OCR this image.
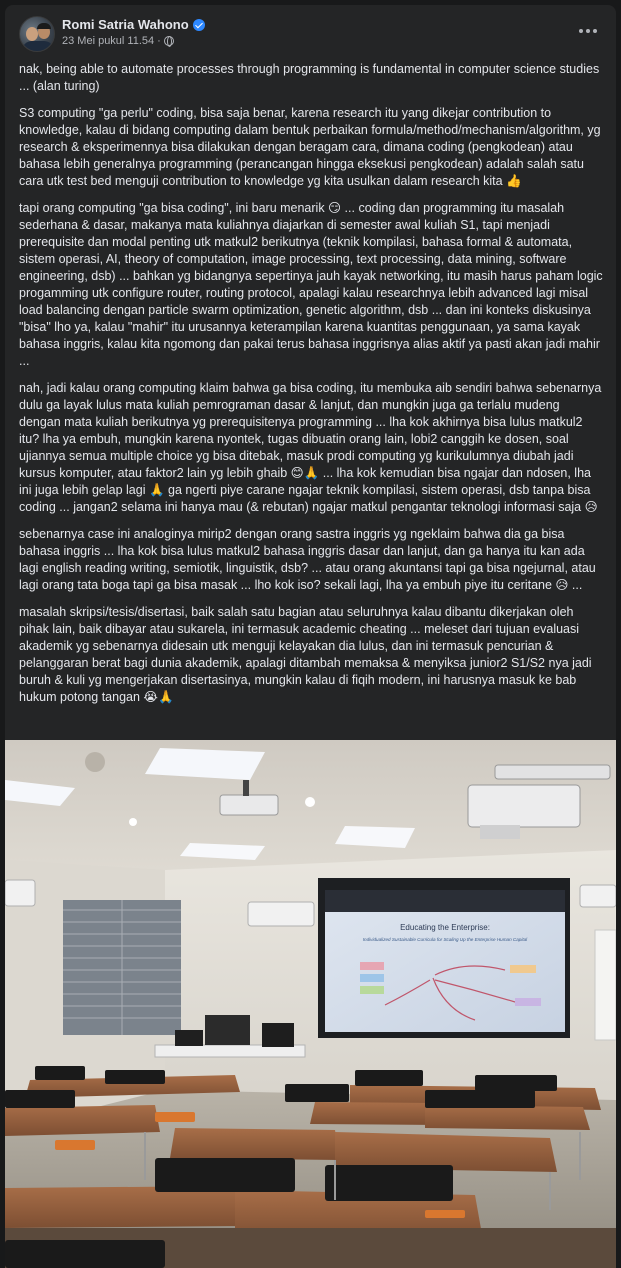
Romi Satria Wahono
23 Mei pukul 11.54 ·

nak, being able to automate processes through programming is fundamental in computer science studies ... (alan turing)

S3 computing "ga perlu" coding, bisa saja benar, karena research itu yang dikejar contribution to knowledge, kalau di bidang computing dalam bentuk perbaikan formula/method/mechanism/algorithm, yg research & eksperimennya bisa dilakukan dengan beragam cara, dimana coding (pengkodean) atau bahasa lebih generalnya programming (perancangan hingga eksekusi pengkodean) adalah salah satu cara utk test bed menguji contribution to knowledge yg kita usulkan dalam research kita 👍

tapi orang computing "ga bisa coding", ini baru menarik 😏 ... coding dan programming itu masalah sederhana & dasar, makanya mata kuliahnya diajarkan di semester awal kuliah S1, tapi menjadi prerequisite dan modal penting utk matkul2 berikutnya (teknik kompilasi, bahasa formal & automata, sistem operasi, AI, theory of computation, image processing, text processing, data mining, software engineering, dsb) ... bahkan yg bidangnya sepertinya jauh kayak networking, itu masih harus paham logic progamming utk configure router, routing protocol, apalagi kalau researchnya lebih advanced lagi misal load balancing dengan particle swarm optimization, genetic algorithm, dsb ... dan ini konteks diskusinya "bisa" lho ya, kalau "mahir" itu urusannya keterampilan karena kuantitas penggunaan, ya sama kayak bahasa inggris, kalau kita ngomong dan pakai terus bahasa inggrisnya alias aktif ya pasti akan jadi mahir ...

nah, jadi kalau orang computing klaim bahwa ga bisa coding, itu membuka aib sendiri bahwa sebenarnya dulu ga layak lulus mata kuliah pemrograman dasar & lanjut, dan mungkin juga ga terlalu mudeng dengan mata kuliah berikutnya yg prerequisitenya programming ... lha kok akhirnya bisa lulus matkul2 itu? lha ya embuh, mungkin karena nyontek, tugas dibuatin orang lain, lobi2 canggih ke dosen, soal ujiannya semua multiple choice yg bisa ditebak, masuk prodi computing yg kurikulumnya diubah jadi kursus komputer, atau faktor2 lain yg lebih ghaib 😊🙏 ... lha kok kemudian bisa ngajar dan ndosen, lha ini juga lebih gelap lagi 🙏 ga ngerti piye carane ngajar teknik kompilasi, sistem operasi, dsb tanpa bisa coding ... jangan2 selama ini hanya mau (& rebutan) ngajar matkul pengantar teknologi informasi saja 😥

sebenarnya case ini analoginya mirip2 dengan orang sastra inggris yg ngeklaim bahwa dia ga bisa bahasa inggris ... lha kok bisa lulus matkul2 bahasa inggris dasar dan lanjut, dan ga hanya itu kan ada lagi english reading writing, semiotik, linguistik, dsb? ... atau orang akuntansi tapi ga bisa ngejurnal, atau lagi orang tata boga tapi ga bisa masak ... lho kok iso? sekali lagi, lha ya embuh piye itu ceritane 😥 ...

masalah skripsi/tesis/disertasi, baik salah satu bagian atau seluruhnya kalau dibantu dikerjakan oleh pihak lain, baik dibayar atau sukarela, ini termasuk academic cheating ... meleset dari tujuan evaluasi akademik yg sebenarnya didesain utk menguji kelayakan dia lulus, dan ini termasuk pencurian & pelanggaran berat bagi dunia akademik, apalagi ditambah memaksa & menyiksa junior2 S1/S2 nya jadi buruh & kuli yg mengerjakan disertasinya, mungkin kalau di fiqih modern, ini harusnya masuk ke bab hukum potong tangan 😭🙏

Educating the Enterprise:
Individualized Sustainable Curricula for Scaling Up the Enterprise Human Capital
